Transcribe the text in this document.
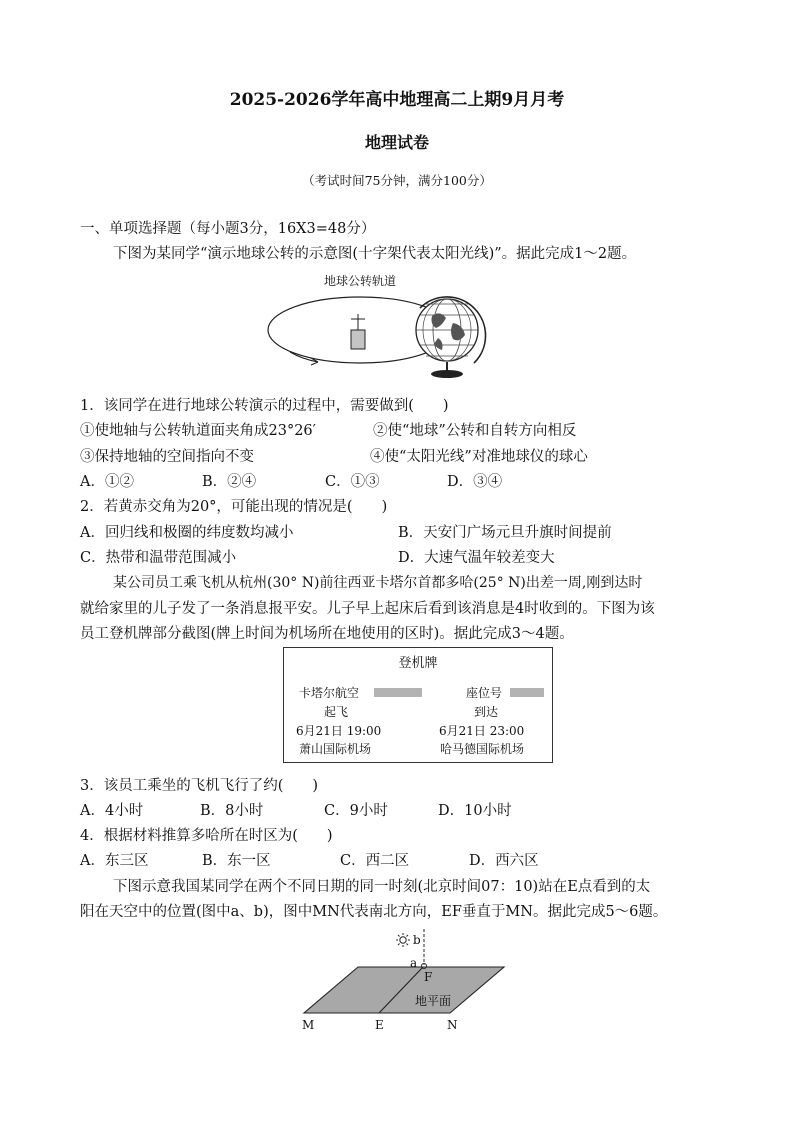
2025-2026学年高中地理高二上期9月月考
地理试卷
（考试时间75分钟，满分100分）
一、单项选择题（每小题3分，16X3=48分）
下图为某同学“演示地球公转的示意图(十字架代表太阳光线)”。据此完成1～2题。
地球公转轨道
1．该同学在进行地球公转演示的过程中，需要做到(　　)
①使地轴与公转轨道面夹角成23°26′	②使“地球”公转和自转方向相反
③保持地轴的空间指向不变	④使“太阳光线”对准地球仪的球心
A．①②	B．②④	C．①③	D．③④
2．若黄赤交角为20°，可能出现的情况是(　　)
A．回归线和极圈的纬度数均减小	B．天安门广场元旦升旗时间提前
C．热带和温带范围减小	D．大速气温年较差变大
某公司员工乘飞机从杭州(30° N)前往西亚卡塔尔首都多哈(25° N)出差一周,刚到达时
就给家里的儿子发了一条消息报平安。儿子早上起床后看到该消息是4时收到的。下图为该
员工登机牌部分截图(牌上时间为机场所在地使用的区时)。据此完成3～4题。
登机牌
卡塔尔航空	座位号
起飞	到达
6月21日 19:00	6月21日 23:00
萧山国际机场	哈马德国际机场
3．该员工乘坐的飞机飞行了约(　　)
A．4小时	B．8小时	C．9小时	D．10小时
4．根据材料推算多哈所在时区为(　　)
A．东三区	B．东一区	C．西二区	D．西六区
下图示意我国某同学在两个不同日期的同一时刻(北京时间07：10)站在E点看到的太
阳在天空中的位置(图中a、b)，图中MN代表南北方向，EF垂直于MN。据此完成5～6题。
b
a
F
地平面
M	E	N
